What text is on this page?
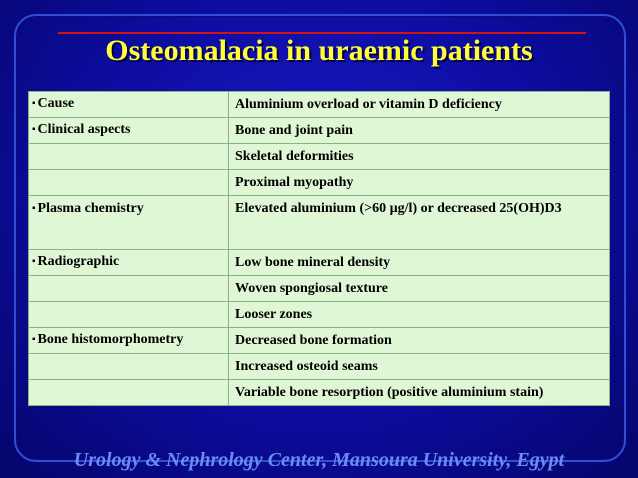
Osteomalacia in uraemic patients
▪ Cause	Aluminium overload or vitamin D deficiency
▪ Clinical aspects	Bone and joint pain
	Skeletal deformities
	Proximal myopathy
▪ Plasma chemistry	Elevated aluminium (>60 µg/l) or decreased 25(OH)D3
▪ Radiographic	Low bone mineral density
	Woven spongiosal texture
	Looser zones
▪ Bone histomorphometry	Decreased bone formation
	Increased osteoid seams
	Variable bone resorption (positive aluminium stain)
Urology & Nephrology Center, Mansoura University, Egypt
